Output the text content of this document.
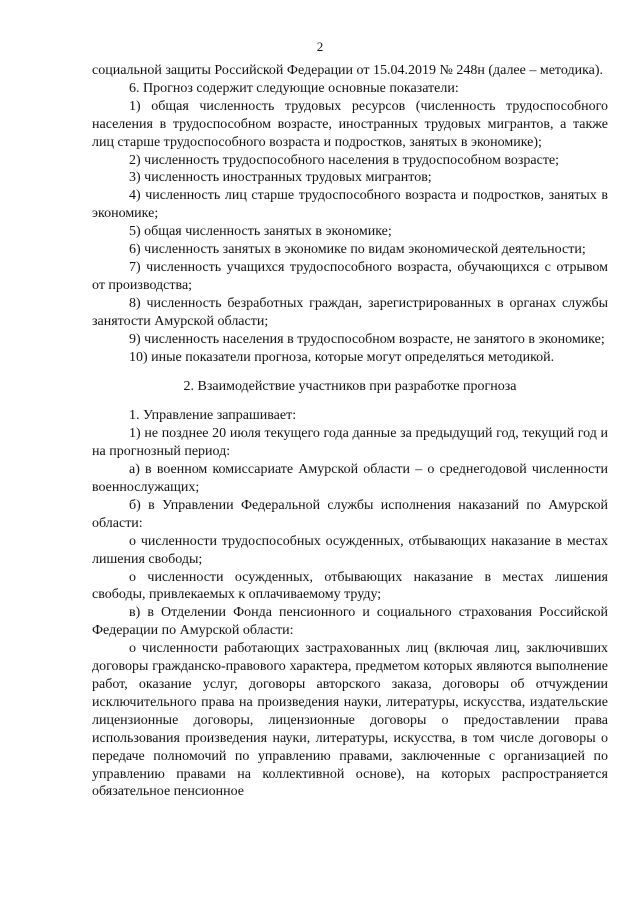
2

социальной защиты Российской Федерации от 15.04.2019 № 248н (далее – методика).

6. Прогноз содержит следующие основные показатели:

1) общая численность трудовых ресурсов (численность трудоспособного населения в трудоспособном возрасте, иностранных трудовых мигрантов, а также лиц старше трудоспособного возраста и подростков, занятых в экономике);

2) численность трудоспособного населения в трудоспособном возрасте;

3) численность иностранных трудовых мигрантов;

4) численность лиц старше трудоспособного возраста и подростков, занятых в экономике;

5) общая численность занятых в экономике;

6) численность занятых в экономике по видам экономической деятельности;

7) численность учащихся трудоспособного возраста, обучающихся с отрывом от производства;

8) численность безработных граждан, зарегистрированных в органах службы занятости Амурской области;

9) численность населения в трудоспособном возрасте, не занятого в экономике;

10) иные показатели прогноза, которые могут определяться методикой.

2. Взаимодействие участников при разработке прогноза

1. Управление запрашивает:

1) не позднее 20 июля текущего года данные за предыдущий год, текущий год и на прогнозный период:

а) в военном комиссариате Амурской области – о среднегодовой численности военнослужащих;

б) в Управлении Федеральной службы исполнения наказаний по Амурской области:

о численности трудоспособных осужденных, отбывающих наказание в местах лишения свободы;

о численности осужденных, отбывающих наказание в местах лишения свободы, привлекаемых к оплачиваемому труду;

в) в Отделении Фонда пенсионного и социального страхования Российской Федерации по Амурской области:

о численности работающих застрахованных лиц (включая лиц, заключивших договоры гражданско-правового характера, предметом которых являются выполнение работ, оказание услуг, договоры авторского заказа, договоры об отчуждении исключительного права на произведения науки, литературы, искусства, издательские лицензионные договоры, лицензионные договоры о предоставлении права использования произведения науки, литературы, искусства, в том числе договоры о передаче полномочий по управлению правами, заключенные с организацией по управлению правами на коллективной основе), на которых распространяется обязательное пенсионное
